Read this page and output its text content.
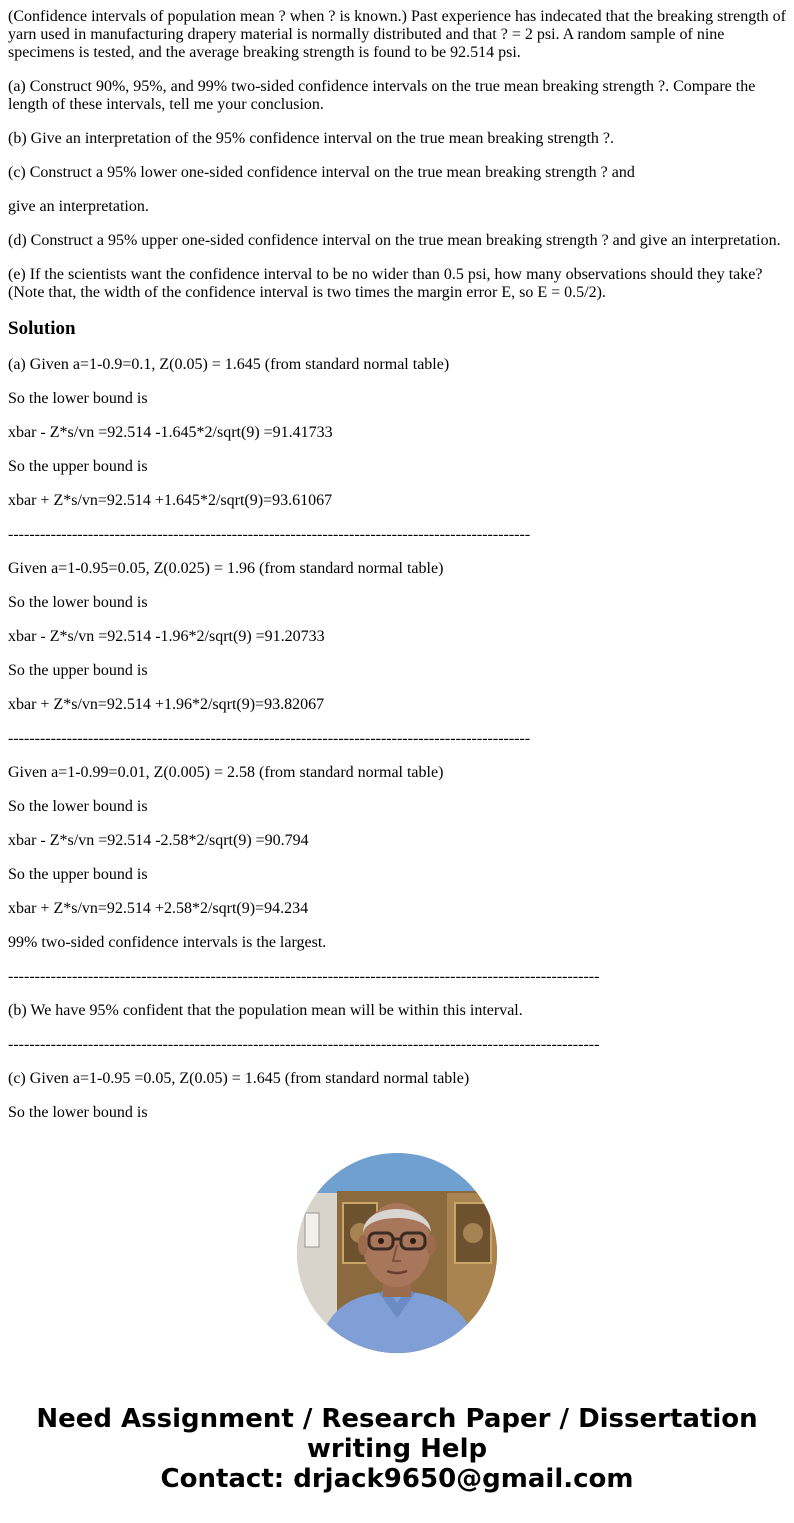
(Confidence intervals of population mean ? when ? is known.) Past experience has indecated that the breaking strength of yarn used in manufacturing drapery material is normally distributed and that ? = 2 psi. A random sample of nine specimens is tested, and the average breaking strength is found to be 92.514 psi.

(a) Construct 90%, 95%, and 99% two-sided confidence intervals on the true mean breaking strength ?. Compare the length of these intervals, tell me your conclusion.

(b) Give an interpretation of the 95% confidence interval on the true mean breaking strength ?.

(c) Construct a 95% lower one-sided confidence interval on the true mean breaking strength ? and

give an interpretation.

(d) Construct a 95% upper one-sided confidence interval on the true mean breaking strength ? and give an interpretation.

(e) If the scientists want the confidence interval to be no wider than 0.5 psi, how many observations should they take? (Note that, the width of the confidence interval is two times the margin error E, so E = 0.5/2).

Solution

(a) Given a=1-0.9=0.1, Z(0.05) = 1.645 (from standard normal table)

So the lower bound is

xbar - Z*s/vn =92.514 -1.645*2/sqrt(9) =91.41733

So the upper bound is

xbar + Z*s/vn=92.514 +1.645*2/sqrt(9)=93.61067

--------------------------------------------------------------------------------------------------

Given a=1-0.95=0.05, Z(0.025) = 1.96 (from standard normal table)

So the lower bound is

xbar - Z*s/vn =92.514 -1.96*2/sqrt(9) =91.20733

So the upper bound is

xbar + Z*s/vn=92.514 +1.96*2/sqrt(9)=93.82067

--------------------------------------------------------------------------------------------------

Given a=1-0.99=0.01, Z(0.005) = 2.58 (from standard normal table)

So the lower bound is

xbar - Z*s/vn =92.514 -2.58*2/sqrt(9) =90.794

So the upper bound is

xbar + Z*s/vn=92.514 +2.58*2/sqrt(9)=94.234

99% two-sided confidence intervals is the largest.

---------------------------------------------------------------------------------------------------------------

(b) We have 95% confident that the population mean will be within this interval.

---------------------------------------------------------------------------------------------------------------

(c) Given a=1-0.95 =0.05, Z(0.05) = 1.645 (from standard normal table)

So the lower bound is

Need Assignment / Research Paper / Dissertation
writing Help
Contact: drjack9650@gmail.com
